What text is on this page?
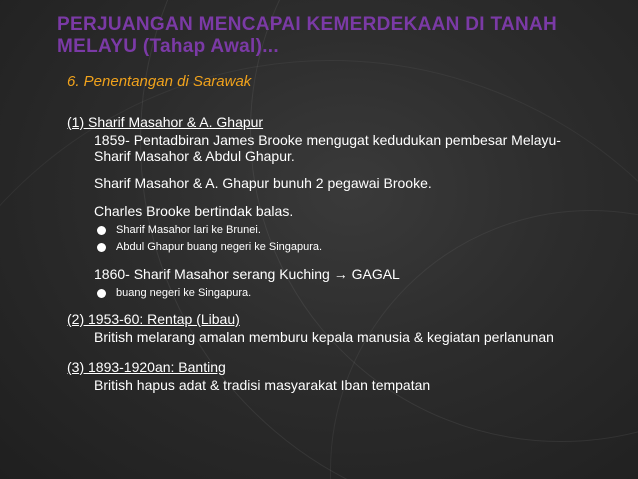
PERJUANGAN MENCAPAI KEMERDEKAAN DI TANAH MELAYU (Tahap Awal)...
6. Penentangan di Sarawak
(1) Sharif Masahor & A. Ghapur
1859- Pentadbiran James Brooke mengugat kedudukan pembesar Melayu- Sharif Masahor & Abdul Ghapur.
Sharif Masahor & A. Ghapur bunuh 2 pegawai Brooke.
Charles Brooke bertindak balas.
Sharif Masahor lari ke Brunei.
Abdul Ghapur buang negeri ke Singapura.
1860- Sharif Masahor serang Kuching → GAGAL
buang negeri ke Singapura.
(2) 1953-60: Rentap (Libau)
British melarang amalan memburu kepala manusia & kegiatan perlanunan
(3) 1893-1920an: Banting
British hapus adat & tradisi masyarakat Iban tempatan
